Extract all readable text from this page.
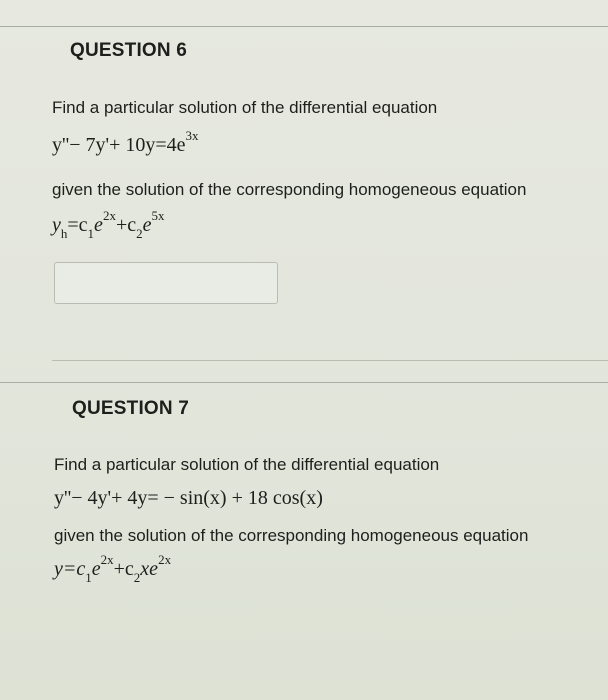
QUESTION 6
Find a particular solution of the differential equation
$y''- 7y'+ 10y=4e^{3x}$
given the solution of the corresponding homogeneous equation
$y_h=c_1e^{2x}+c_2e^{5x}$
QUESTION 7
Find a particular solution of the differential equation
y''− 4y'+ 4y= − sin(x) + 18 cos(x)
given the solution of the corresponding homogeneous equation
$y=c_1e^{2x}+c_2xe^{2x}$
